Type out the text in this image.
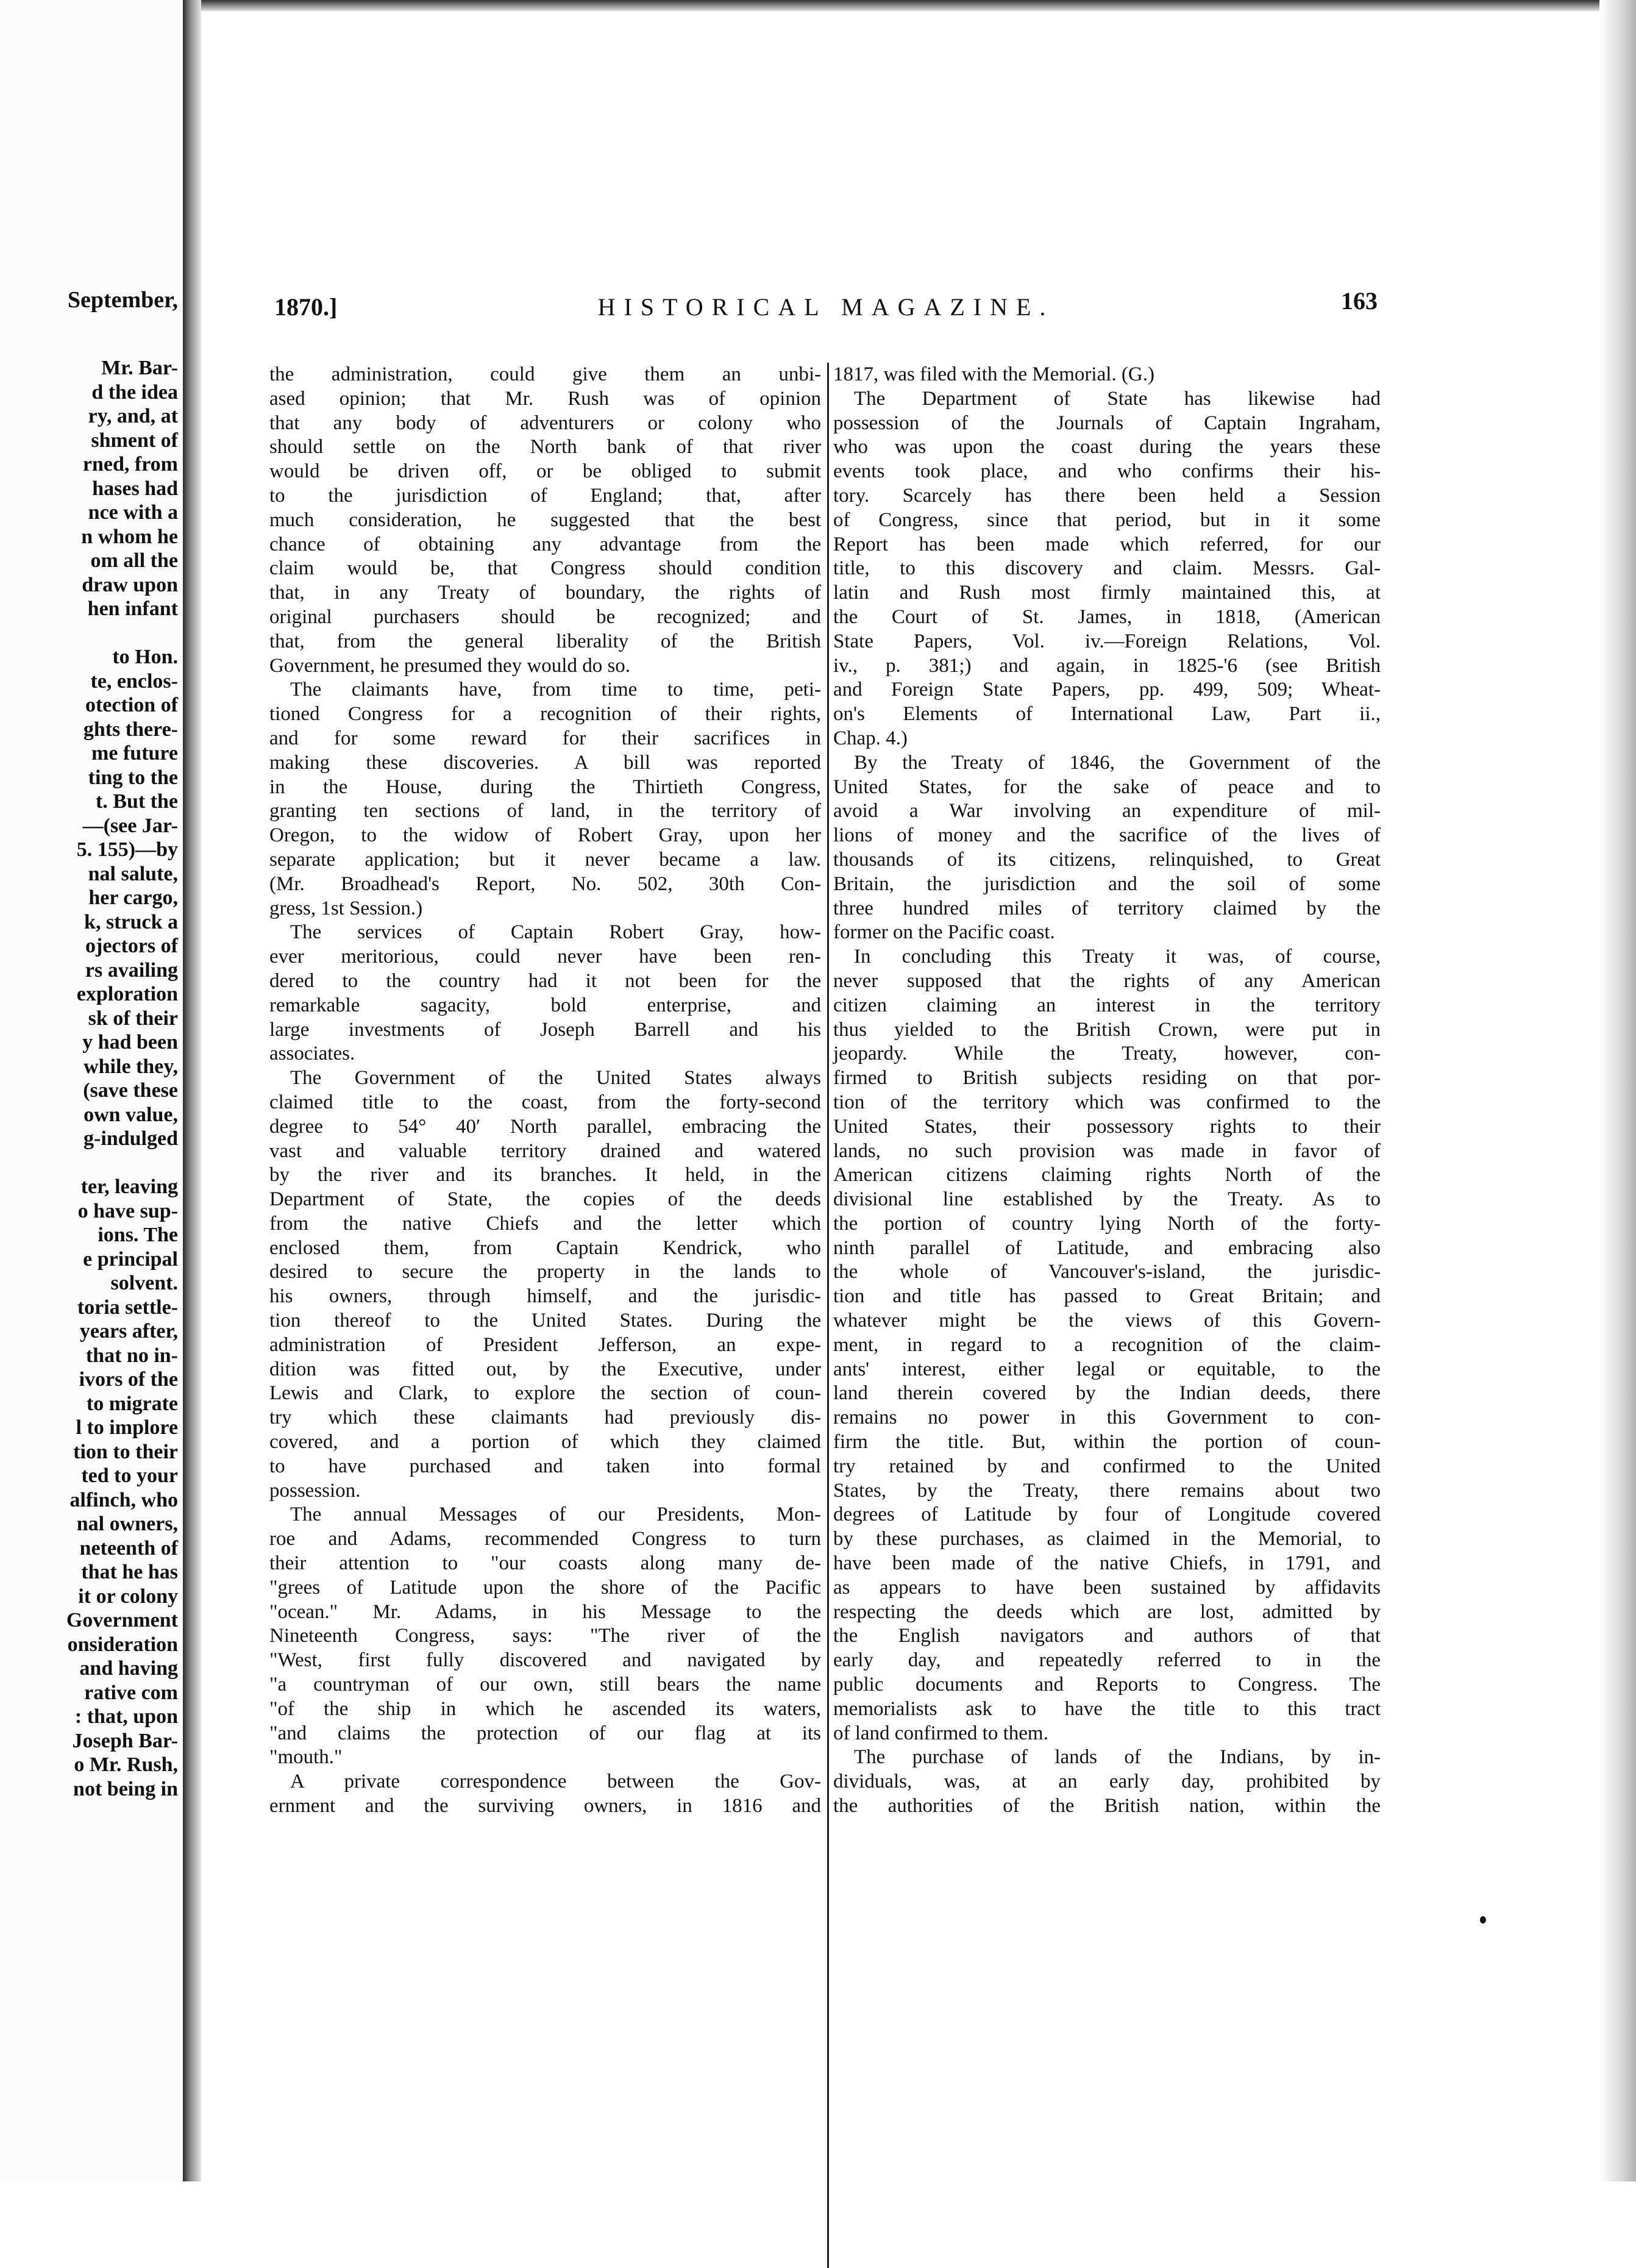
September,
Mr. Bar-
d the idea
ry, and, at
shment of
rned, from
hases had
nce with a
n whom he
om all the
draw upon
hen infant
to Hon.
te, enclos-
otection of
ghts there-
me future
ting to the
t. But the
—(see Jar-
5. 155)—by
nal salute,
her cargo,
k, struck a
ojectors of
rs availing
exploration
sk of their
y had been
while they,
(save these
own value,
g-indulged
ter, leaving
o have sup-
ions. The
e principal
solvent.
toria settle-
years after,
that no in-
ivors of the
to migrate
l to implore
tion to their
ted to your
alfinch, who
nal owners,
neteenth of
that he has
it or colony
Government
onsideration
and having
rative com
: that, upon
Joseph Bar-
o Mr. Rush,
not being in
1870.]	HISTORICAL MAGAZINE.	163
the administration, could give them an unbi-
ased opinion; that Mr. Rush was of opinion
that any body of adventurers or colony who
should settle on the North bank of that river
would be driven off, or be obliged to submit
to the jurisdiction of England; that, after
much consideration, he suggested that the best
chance of obtaining any advantage from the
claim would be, that Congress should condition
that, in any Treaty of boundary, the rights of
original purchasers should be recognized; and
that, from the general liberality of the British
Government, he presumed they would do so.
The claimants have, from time to time, peti-
tioned Congress for a recognition of their rights,
and for some reward for their sacrifices in
making these discoveries. A bill was reported
in the House, during the Thirtieth Congress,
granting ten sections of land, in the territory of
Oregon, to the widow of Robert Gray, upon her
separate application; but it never became a law.
(Mr. Broadhead's Report, No. 502, 30th Con-
gress, 1st Session.)
The services of Captain Robert Gray, how-
ever meritorious, could never have been ren-
dered to the country had it not been for the
remarkable sagacity, bold enterprise, and
large investments of Joseph Barrell and his
associates.
The Government of the United States always
claimed title to the coast, from the forty-second
degree to 54° 40′ North parallel, embracing the
vast and valuable territory drained and watered
by the river and its branches. It held, in the
Department of State, the copies of the deeds
from the native Chiefs and the letter which
enclosed them, from Captain Kendrick, who
desired to secure the property in the lands to
his owners, through himself, and the jurisdic-
tion thereof to the United States. During the
administration of President Jefferson, an expe-
dition was fitted out, by the Executive, under
Lewis and Clark, to explore the section of coun-
try which these claimants had previously dis-
covered, and a portion of which they claimed
to have purchased and taken into formal
possession.
The annual Messages of our Presidents, Mon-
roe and Adams, recommended Congress to turn
their attention to "our coasts along many de-
"grees of Latitude upon the shore of the Pacific
"ocean." Mr. Adams, in his Message to the
Nineteenth Congress, says: "The river of the
"West, first fully discovered and navigated by
"a countryman of our own, still bears the name
"of the ship in which he ascended its waters,
"and claims the protection of our flag at its
"mouth."
A private correspondence between the Gov-
ernment and the surviving owners, in 1816 and
1817, was filed with the Memorial. (G.)
The Department of State has likewise had
possession of the Journals of Captain Ingraham,
who was upon the coast during the years these
events took place, and who confirms their his-
tory. Scarcely has there been held a Session
of Congress, since that period, but in it some
Report has been made which referred, for our
title, to this discovery and claim. Messrs. Gal-
latin and Rush most firmly maintained this, at
the Court of St. James, in 1818, (American
State Papers, Vol. iv.—Foreign Relations, Vol.
iv., p. 381;) and again, in 1825-'6 (see British
and Foreign State Papers, pp. 499, 509; Wheat-
on's Elements of International Law, Part ii.,
Chap. 4.)
By the Treaty of 1846, the Government of the
United States, for the sake of peace and to
avoid a War involving an expenditure of mil-
lions of money and the sacrifice of the lives of
thousands of its citizens, relinquished, to Great
Britain, the jurisdiction and the soil of some
three hundred miles of territory claimed by the
former on the Pacific coast.
In concluding this Treaty it was, of course,
never supposed that the rights of any American
citizen claiming an interest in the territory
thus yielded to the British Crown, were put in
jeopardy. While the Treaty, however, con-
firmed to British subjects residing on that por-
tion of the territory which was confirmed to the
United States, their possessory rights to their
lands, no such provision was made in favor of
American citizens claiming rights North of the
divisional line established by the Treaty. As to
the portion of country lying North of the forty-
ninth parallel of Latitude, and embracing also
the whole of Vancouver's-island, the jurisdic-
tion and title has passed to Great Britain; and
whatever might be the views of this Govern-
ment, in regard to a recognition of the claim-
ants' interest, either legal or equitable, to the
land therein covered by the Indian deeds, there
remains no power in this Government to con-
firm the title. But, within the portion of coun-
try retained by and confirmed to the United
States, by the Treaty, there remains about two
degrees of Latitude by four of Longitude covered
by these purchases, as claimed in the Memorial, to
have been made of the native Chiefs, in 1791, and
as appears to have been sustained by affidavits
respecting the deeds which are lost, admitted by
the English navigators and authors of that
early day, and repeatedly referred to in the
public documents and Reports to Congress. The
memorialists ask to have the title to this tract
of land confirmed to them.
The purchase of lands of the Indians, by in-
dividuals, was, at an early day, prohibited by
the authorities of the British nation, within the
